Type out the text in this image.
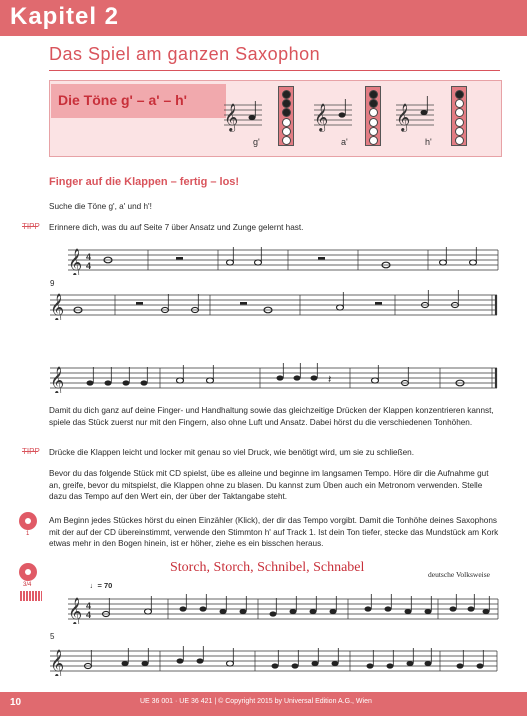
Kapitel 2
Das Spiel am ganzen Saxophon
Die Töne g' – a' – h'
𝄞	𝄞	𝄞
g'	a'	h'
Finger auf die Klappen – fertig – los!
Suche die Töne g', a' und h'!
TIPP Erinnere dich, was du auf Seite 7 über Ansatz und Zunge gelernt hast.
𝄞 4
4
9
𝄞
𝄞	𝄽
Damit du dich ganz auf deine Finger- und Handhaltung sowie das gleichzeitige Drücken der Klappen konzentrieren kannst, spiele das Stück zuerst nur mit den Fingern, also ohne Luft und Ansatz. Dabei hörst du die verschiedenen Tonhöhen.
TIPP Drücke die Klappen leicht und locker mit genau so viel Druck, wie benötigt wird, um sie zu schließen.
Bevor du das folgende Stück mit CD spielst, übe es alleine und beginne im langsamen Tempo. Höre dir die Aufnahme gut an, greife, bevor du mitspielst, die Klappen ohne zu blasen. Du kannst zum Üben auch ein Metronom verwenden. Stelle dazu das Tempo auf den Wert ein, der über der Taktangabe steht.
1
Am Beginn jedes Stückes hörst du einen Einzähler (Klick), der dir das Tempo vorgibt. Damit die Tonhöhe deines Saxophons mit der auf der CD übereinstimmt, verwende den Stimmton h' auf Track 1. Ist dein Ton tiefer, stecke das Mundstück am Kork etwas mehr in den Bogen hinein, ist er höher, ziehe es ein bisschen heraus.
3/4
Storch, Storch, Schnibel, Schnabel	deutsche Volksweise
♩= 70
𝄞 4
4
5
𝄞
10	UE 36 001 · UE 36 421 | © Copyright 2015 by Universal Edition A.G., Wien
